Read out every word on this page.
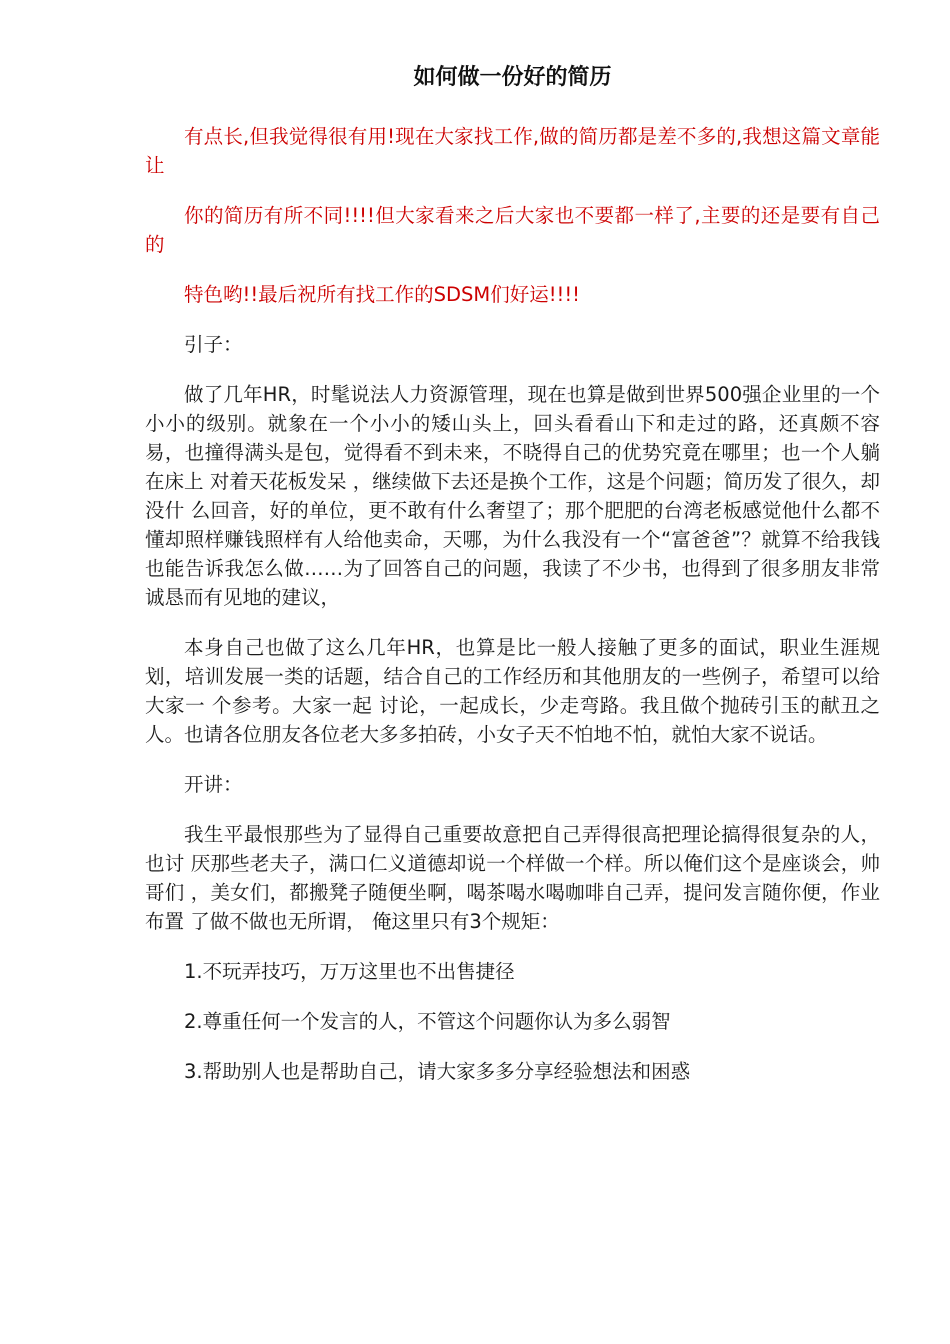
如何做一份好的简历

有点长,但我觉得很有用!现在大家找工作,做的简历都是差不多的,我想这篇文章能让

你的简历有所不同!!!!但大家看来之后大家也不要都一样了,主要的还是要有自己的

特色哟!!最后祝所有找工作的SDSM们好运!!!!

引子：

做了几年HR，时髦说法人力资源管理，现在也算是做到世界500强企业里的一个小小的级别。就象在一个小小的矮山头上，回头看看山下和走过的路，还真颇不容易，也撞得满头是包，觉得看不到未来，不晓得自己的优势究竟在哪里；也一个人躺在床上 对着天花板发呆 ，继续做下去还是换个工作，这是个问题；简历发了很久，却没什 么回音，好的单位，更不敢有什么奢望了；那个肥肥的台湾老板感觉他什么都不懂却照样赚钱照样有人给他卖命，天哪，为什么我没有一个“富爸爸”？就算不给我钱也能告诉我怎么做……为了回答自己的问题，我读了不少书，也得到了很多朋友非常诚恳而有见地的建议，

本身自己也做了这么几年HR，也算是比一般人接触了更多的面试，职业生涯规划，培训发展一类的话题，结合自己的工作经历和其他朋友的一些例子，希望可以给大家一 个参考。大家一起 讨论，一起成长，少走弯路。我且做个抛砖引玉的献丑之人。也请各位朋友各位老大多多拍砖，小女子天不怕地不怕，就怕大家不说话。

开讲：

我生平最恨那些为了显得自己重要故意把自己弄得很高把理论搞得很复杂的人，也讨 厌那些老夫子，满口仁义道德却说一个样做一个样。所以俺们这个是座谈会，帅哥们 ，美女们，都搬凳子随便坐啊，喝茶喝水喝咖啡自己弄，提问发言随你便，作业布置 了做不做也无所谓， 俺这里只有3个规矩：

1.不玩弄技巧，万万这里也不出售捷径

2.尊重任何一个发言的人，不管这个问题你认为多么弱智

3.帮助别人也是帮助自己，请大家多多分享经验想法和困惑
